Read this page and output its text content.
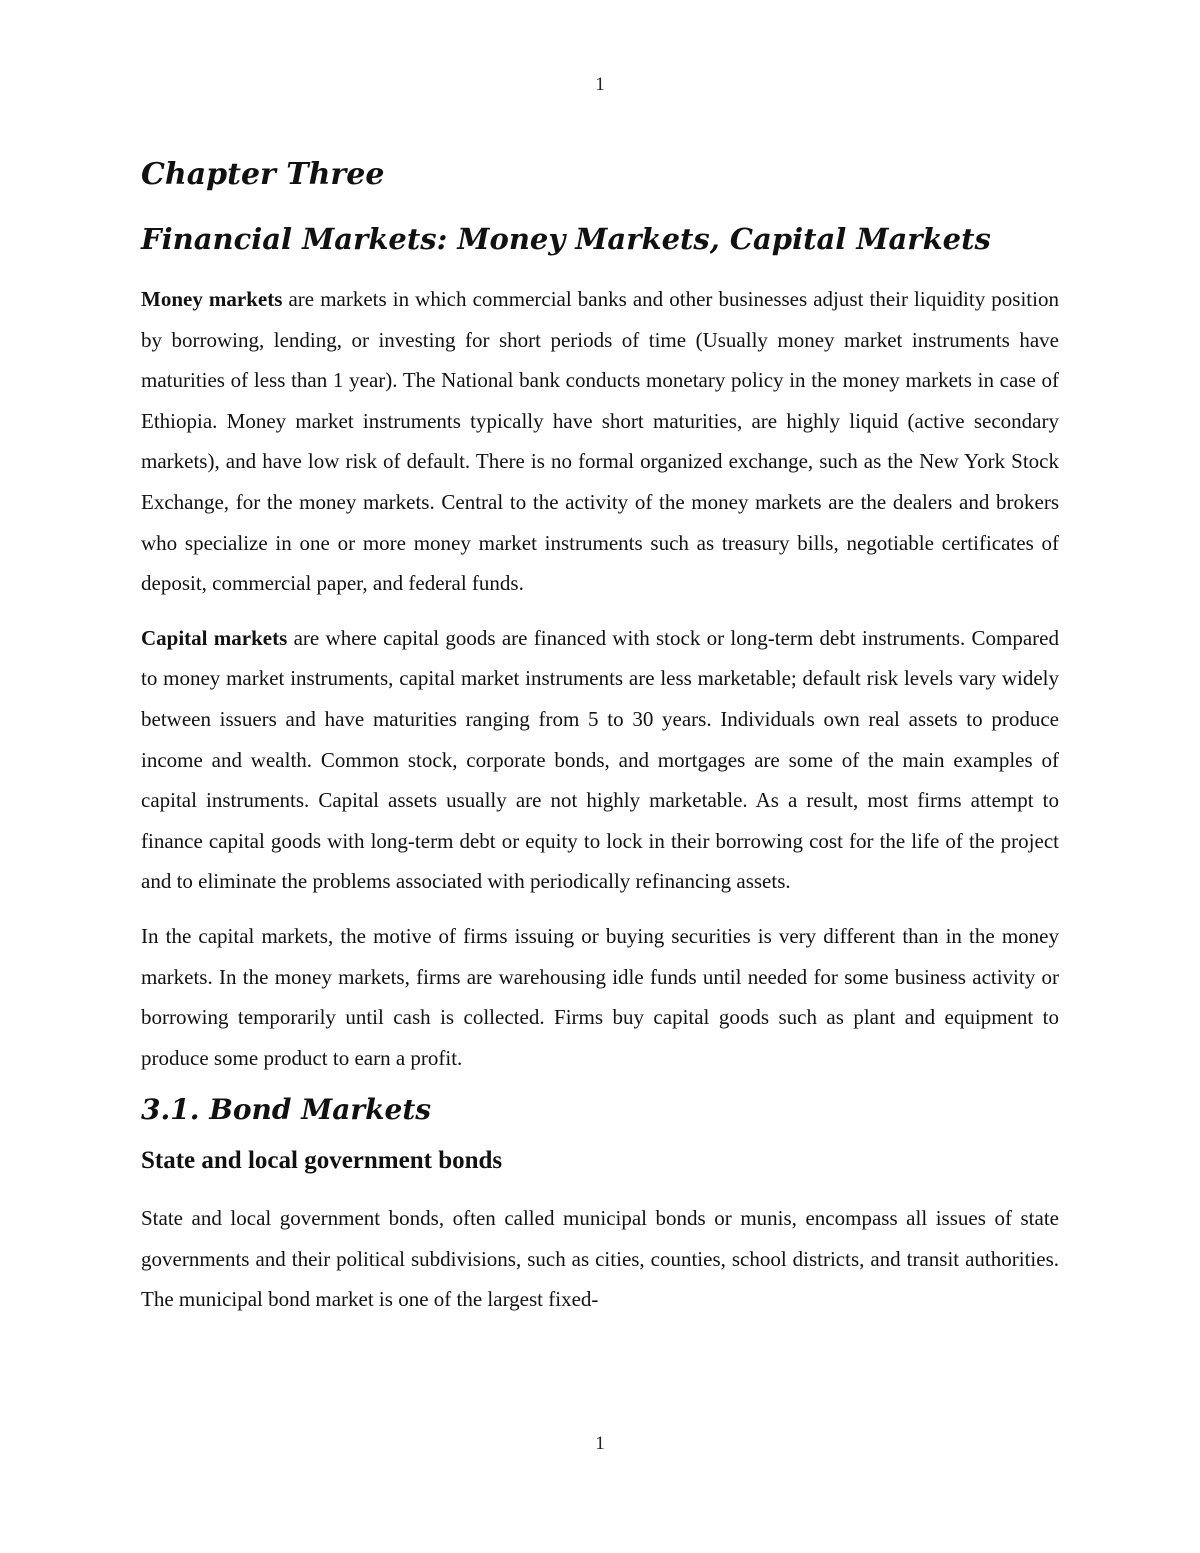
1
Chapter Three
Financial Markets: Money Markets, Capital Markets

Money markets are markets in which commercial banks and other businesses adjust their liquidity position by borrowing, lending, or investing for short periods of time (Usually money market instruments have maturities of less than 1 year). The National bank conducts monetary policy in the money markets in case of Ethiopia. Money market instruments typically have short maturities, are highly liquid (active secondary markets), and have low risk of default. There is no formal organized exchange, such as the New York Stock Exchange, for the money markets. Central to the activity of the money markets are the dealers and brokers who specialize in one or more money market instruments such as treasury bills, negotiable certificates of deposit, commercial paper, and federal funds.

Capital markets are where capital goods are financed with stock or long-term debt instruments. Compared to money market instruments, capital market instruments are less marketable; default risk levels vary widely between issuers and have maturities ranging from 5 to 30 years. Individuals own real assets to produce income and wealth. Common stock, corporate bonds, and mortgages are some of the main examples of capital instruments. Capital assets usually are not highly marketable. As a result, most firms attempt to finance capital goods with long-term debt or equity to lock in their borrowing cost for the life of the project and to eliminate the problems associated with periodically refinancing assets.

In the capital markets, the motive of firms issuing or buying securities is very different than in the money markets. In the money markets, firms are warehousing idle funds until needed for some business activity or borrowing temporarily until cash is collected. Firms buy capital goods such as plant and equipment to produce some product to earn a profit.

3.1. Bond Markets
State and local government bonds

State and local government bonds, often called municipal bonds or munis, encompass all issues of state governments and their political subdivisions, such as cities, counties, school districts, and transit authorities. The municipal bond market is one of the largest fixed-

1
